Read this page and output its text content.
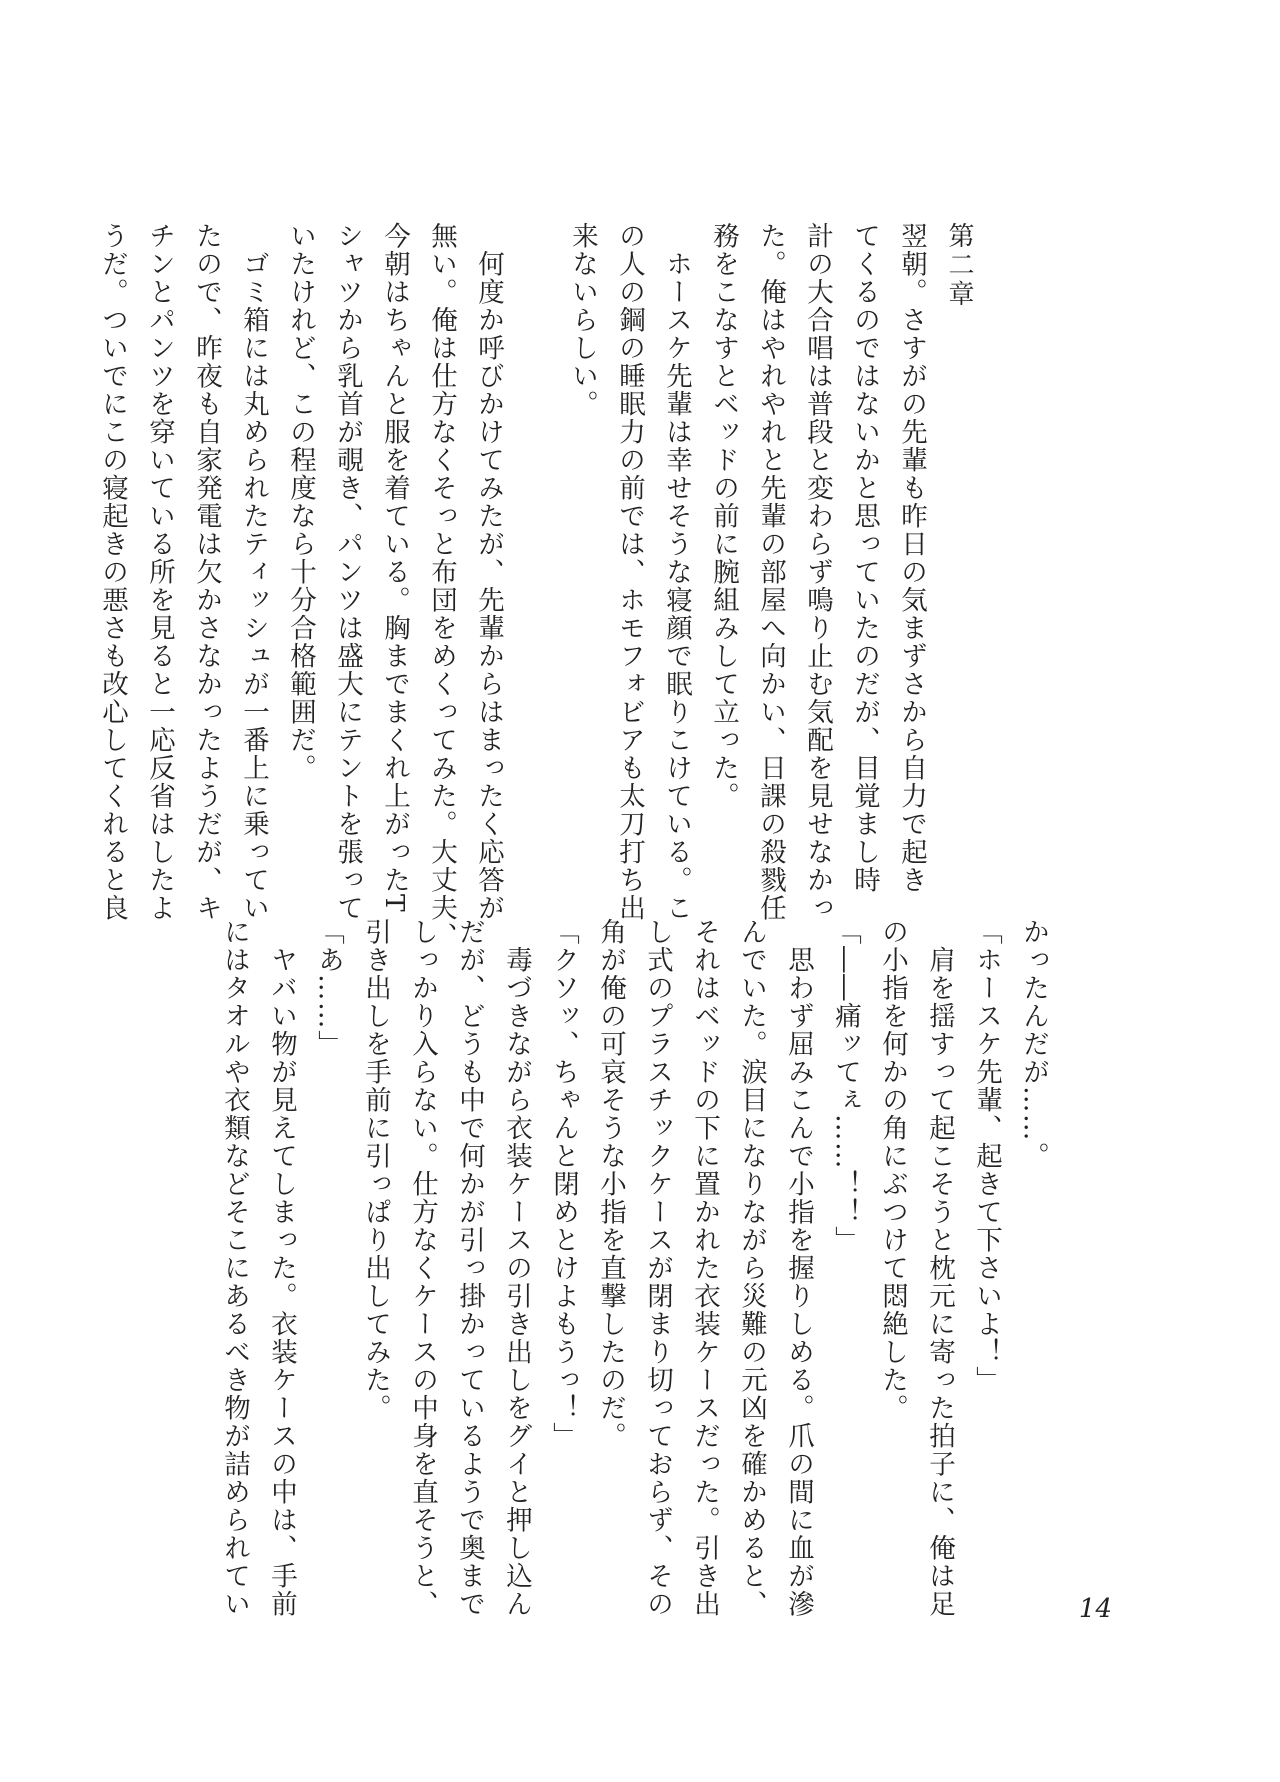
第二章
翌朝。さすがの先輩も昨日の気まずさから自力で起き
てくるのではないかと思っていたのだが、目覚まし時
計の大合唱は普段と変わらず鳴り止む気配を見せなかっ
た。俺はやれやれと先輩の部屋へ向かい、日課の殺戮任
務をこなすとベッドの前に腕組みして立った。
　ホースケ先輩は幸せそうな寝顔で眠りこけている。こ
の人の鋼の睡眠力の前では、ホモフォビアも太刀打ち出
来ないらしい。
　何度か呼びかけてみたが、先輩からはまったく応答が
無い。俺は仕方なくそっと布団をめくってみた。大丈夫、
今朝はちゃんと服を着ている。胸までまくれ上がったT
シャツから乳首が覗き、パンツは盛大にテントを張って
いたけれど、この程度なら十分合格範囲だ。
　ゴミ箱には丸められたティッシュが一番上に乗ってい
たので、昨夜も自家発電は欠かさなかったようだが、キ
チンとパンツを穿いている所を見ると一応反省はしたよ
うだ。ついでにこの寝起きの悪さも改心してくれると良
かったんだが……。
「ホースケ先輩、起きて下さいよ！」
　肩を揺すって起こそうと枕元に寄った拍子に、俺は足
の小指を何かの角にぶつけて悶絶した。
「――痛ッてぇ……！！」
　思わず屈みこんで小指を握りしめる。爪の間に血が滲
んでいた。涙目になりながら災難の元凶を確かめると、
それはベッドの下に置かれた衣装ケースだった。引き出
し式のプラスチックケースが閉まり切っておらず、その
角が俺の可哀そうな小指を直撃したのだ。
「クソッ、ちゃんと閉めとけよもうっ！」
　毒づきながら衣装ケースの引き出しをグイと押し込ん
だが、どうも中で何かが引っ掛かっているようで奥まで
しっかり入らない。仕方なくケースの中身を直そうと、
引き出しを手前に引っぱり出してみた。
「あ……」
　ヤバい物が見えてしまった。衣装ケースの中は、手前
にはタオルや衣類などそこにあるべき物が詰められてい	14
